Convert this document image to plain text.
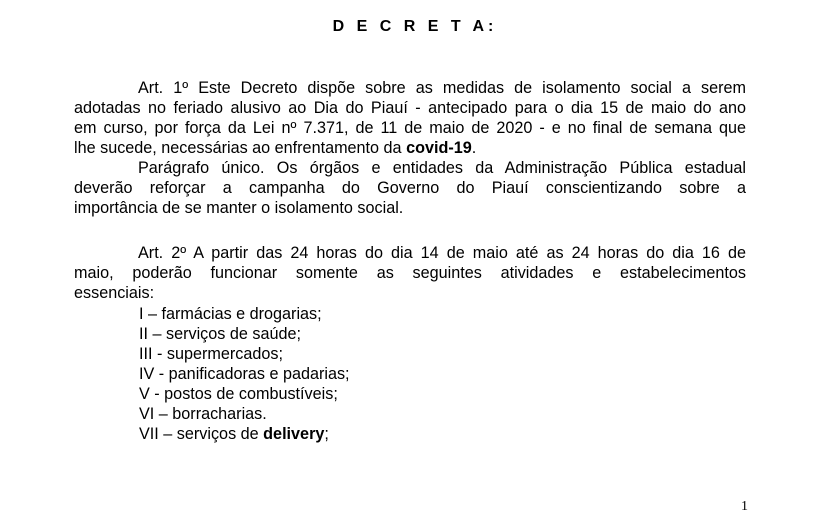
D E C R E T A:
Art. 1º Este Decreto dispõe sobre as medidas de isolamento social a serem
adotadas no feriado alusivo ao Dia do Piauí - antecipado para o dia 15 de maio do ano
em curso, por força da Lei nº 7.371, de 11 de maio de 2020 - e no final de semana que
lhe sucede, necessárias ao enfrentamento da covid-19.
Parágrafo único. Os órgãos e entidades da Administração Pública estadual
deverão reforçar a campanha do Governo do Piauí conscientizando sobre a
importância de se manter o isolamento social.
Art. 2º A partir das 24 horas do dia 14 de maio até as 24 horas do dia 16 de
maio, poderão funcionar somente as seguintes atividades e estabelecimentos
essenciais:
I – farmácias e drogarias;
II – serviços de saúde;
III - supermercados;
IV - panificadoras e padarias;
V - postos de combustíveis;
VI – borracharias.
VII – serviços de delivery;
1
